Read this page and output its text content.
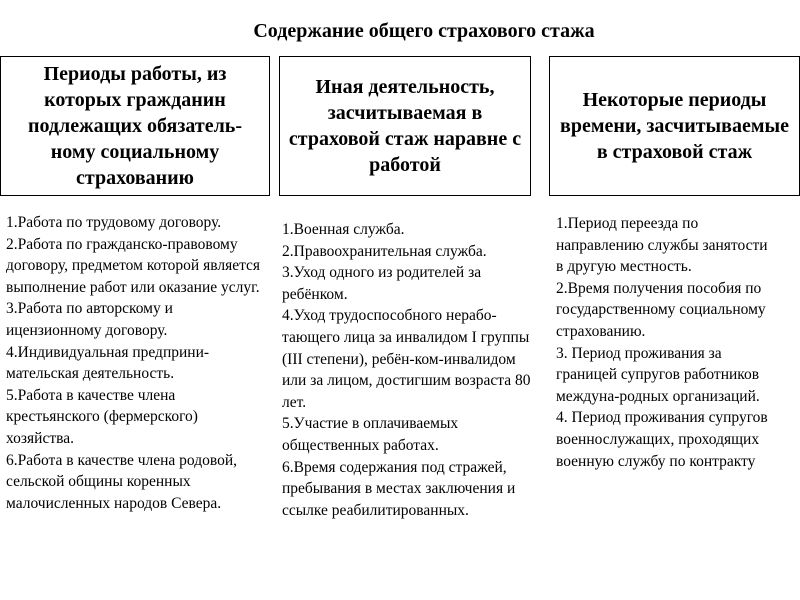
Содержание общего страхового стажа
Периоды работы, из которых гражданин подлежащих обязатель-ному социальному страхованию
Иная деятельность, засчитываемая в страховой стаж наравне с работой
Некоторые периоды времени, засчитываемые в страховой стаж
1.Работа по трудовому договору.
2.Работа по гражданско-правовому договору, предметом которой является выполнение работ или оказание услуг.
3.Работа по авторскому и ицензионному договору.
4.Индивидуальная предприни-мательская деятельность.
5.Работа в качестве члена крестьянского (фермерского) хозяйства.
6.Работа в качестве члена родовой, сельской общины коренных малочисленных народов Севера.
1.Военная служба.
2.Правоохранительная служба.
3.Уход одного из родителей за ребёнком.
4.Уход трудоспособного нерабо-тающего лица за инвалидом I группы (III степени), ребён-ком-инвалидом или за лицом, достигшим возраста 80 лет.
5.Участие в оплачиваемых общественных работах.
6.Время содержания под стражей, пребывания в местах заключения и ссылке реабилитированных.
1.Период переезда по направлению службы занятости в другую местность.
2.Время получения пособия по государственному социальному страхованию.
3. Период проживания за границей супругов работников междуна-родных организаций.
4. Период проживания супругов военнослужащих, проходящих военную службу по контракту
